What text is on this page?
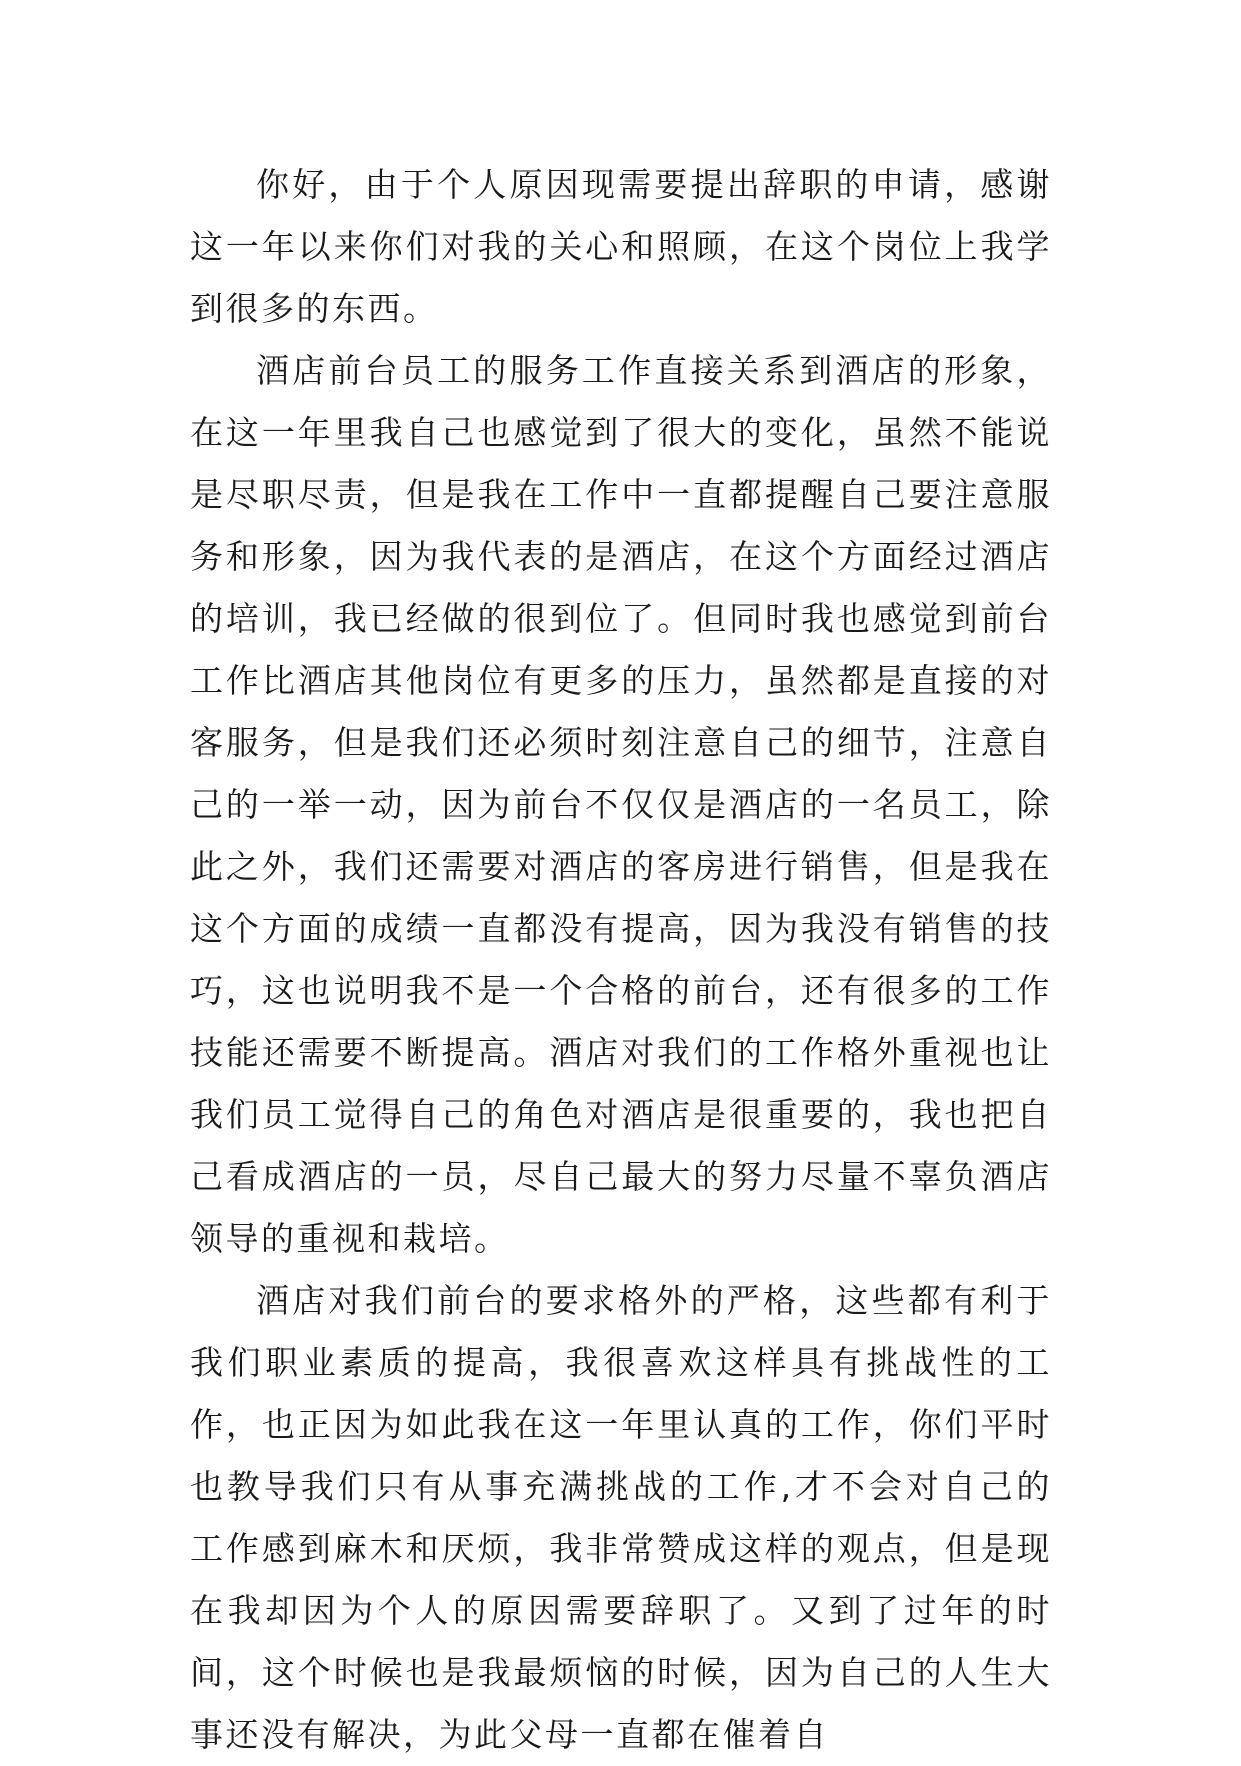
你好，由于个人原因现需要提出辞职的申请，感谢这一年以来你们对我的关心和照顾，在这个岗位上我学到很多的东西。

酒店前台员工的服务工作直接关系到酒店的形象，在这一年里我自己也感觉到了很大的变化，虽然不能说是尽职尽责，但是我在工作中一直都提醒自己要注意服务和形象，因为我代表的是酒店，在这个方面经过酒店的培训，我已经做的很到位了。但同时我也感觉到前台工作比酒店其他岗位有更多的压力，虽然都是直接的对客服务，但是我们还必须时刻注意自己的细节，注意自己的一举一动，因为前台不仅仅是酒店的一名员工，除此之外，我们还需要对酒店的客房进行销售，但是我在这个方面的成绩一直都没有提高，因为我没有销售的技巧，这也说明我不是一个合格的前台，还有很多的工作技能还需要不断提高。酒店对我们的工作格外重视也让我们员工觉得自己的角色对酒店是很重要的，我也把自己看成酒店的一员，尽自己最大的努力尽量不辜负酒店领导的重视和栽培。

酒店对我们前台的要求格外的严格，这些都有利于我们职业素质的提高，我很喜欢这样具有挑战性的工作，也正因为如此我在这一年里认真的工作，你们平时也教导我们只有从事充满挑战的工作,才不会对自己的工作感到麻木和厌烦，我非常赞成这样的观点，但是现在我却因为个人的原因需要辞职了。又到了过年的时间，这个时候也是我最烦恼的时候，因为自己的人生大事还没有解决，为此父母一直都在催着自
